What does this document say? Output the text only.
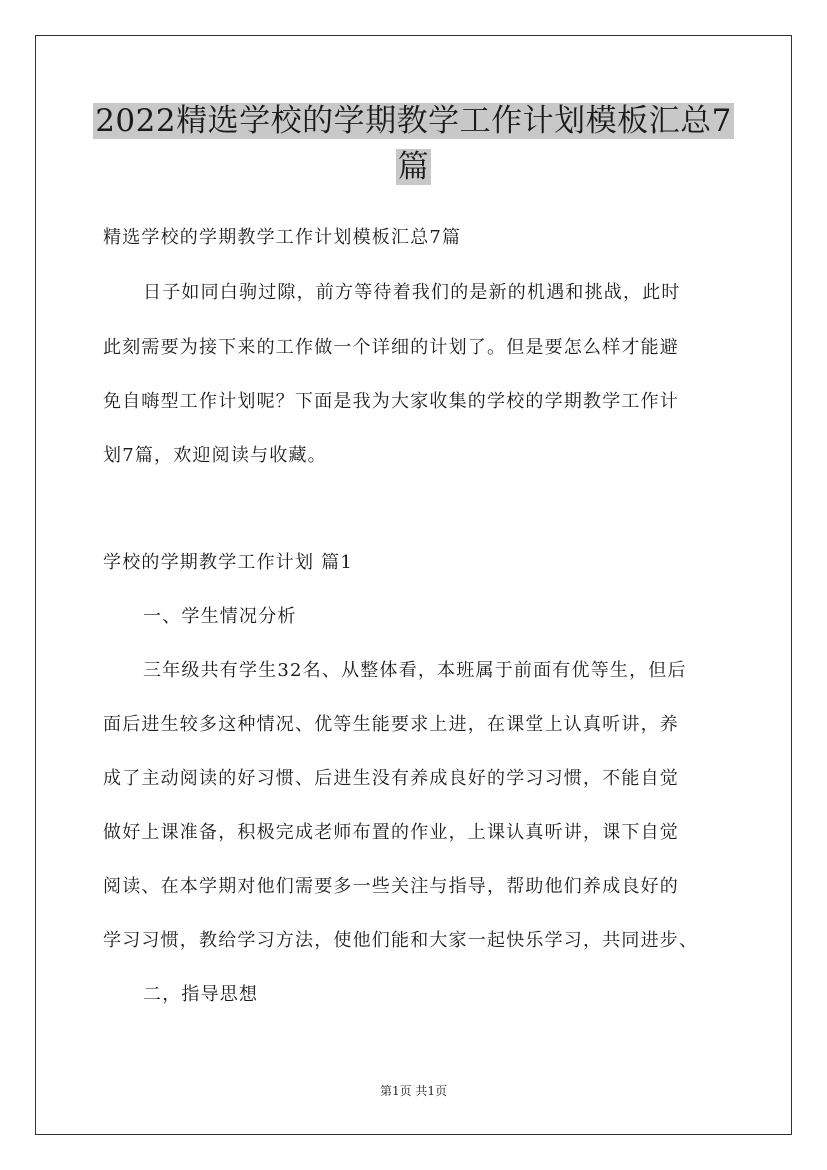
2022精选学校的学期教学工作计划模板汇总7
篇
精选学校的学期教学工作计划模板汇总7篇
日子如同白驹过隙，前方等待着我们的是新的机遇和挑战，此时
此刻需要为接下来的工作做一个详细的计划了。但是要怎么样才能避
免自嗨型工作计划呢？下面是我为大家收集的学校的学期教学工作计
划7篇，欢迎阅读与收藏。
学校的学期教学工作计划 篇1
一、学生情况分析
三年级共有学生32名、从整体看，本班属于前面有优等生，但后
面后进生较多这种情况、优等生能要求上进，在课堂上认真听讲，养
成了主动阅读的好习惯、后进生没有养成良好的学习习惯，不能自觉
做好上课准备，积极完成老师布置的作业，上课认真听讲，课下自觉
阅读、在本学期对他们需要多一些关注与指导，帮助他们养成良好的
学习习惯，教给学习方法，使他们能和大家一起快乐学习，共同进步、
二，指导思想
第1页 共1页
